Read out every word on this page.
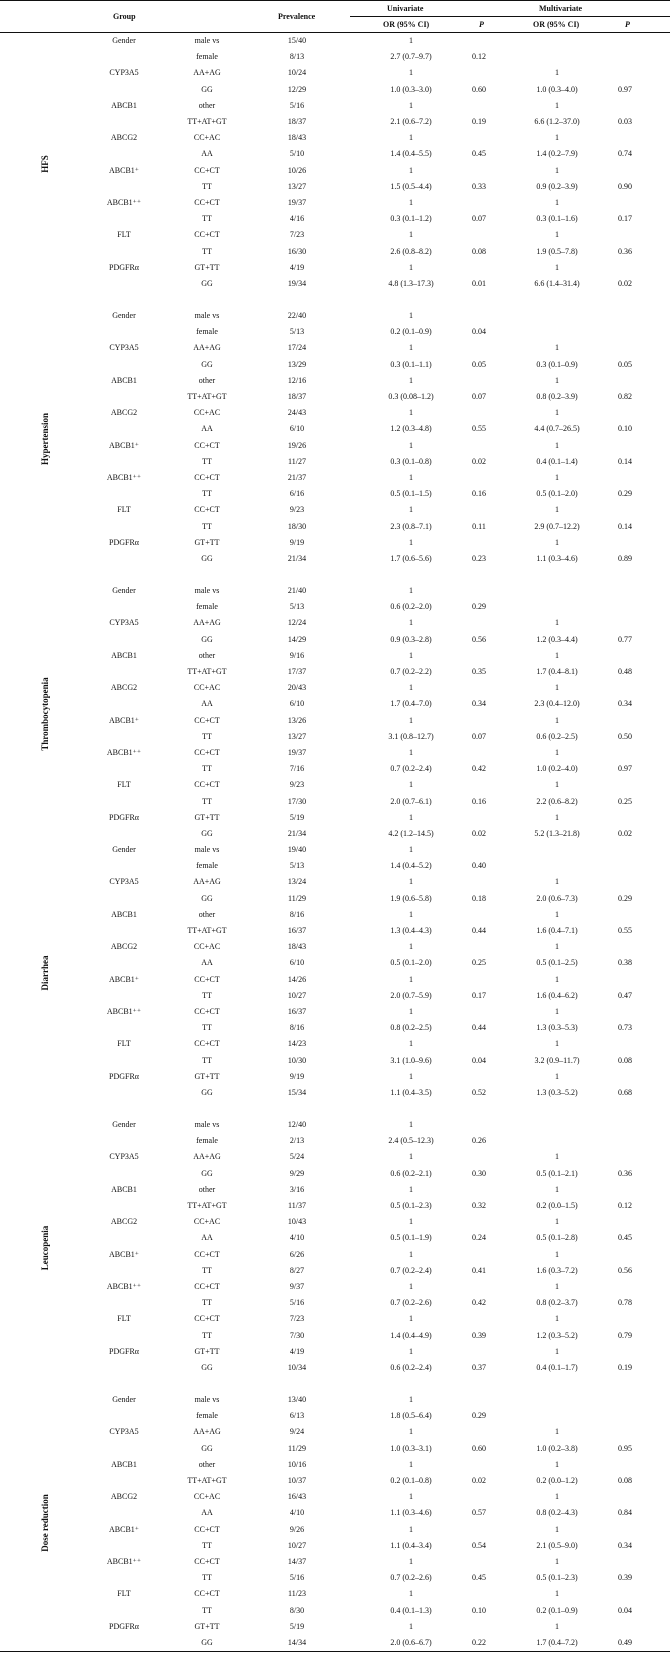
Group	Prevalence
Univariate	Multivariate
OR (95% CI)	P	OR (95% CI)	P
HFS
Gender	male vs	15/40	1
female	8/13	2.7 (0.7–9.7)	0.12
CYP3A5	AA+AG	10/24	1	1
GG	12/29	1.0 (0.3–3.0)	0.60	1.0 (0.3–4.0)	0.97
ABCB1	other	5/16	1	1
TT+AT+GT	18/37	2.1 (0.6–7.2)	0.19	6.6 (1.2–37.0)	0.03
ABCG2	CC+AC	18/43	1	1
AA	5/10	1.4 (0.4–5.5)	0.45	1.4 (0.2–7.9)	0.74
ABCB1⁺	CC+CT	10/26	1	1
TT	13/27	1.5 (0.5–4.4)	0.33	0.9 (0.2–3.9)	0.90
ABCB1⁺⁺	CC+CT	19/37	1	1
TT	4/16	0.3 (0.1–1.2)	0.07	0.3 (0.1–1.6)	0.17
FLT	CC+CT	7/23	1	1
TT	16/30	2.6 (0.8–8.2)	0.08	1.9 (0.5–7.8)	0.36
PDGFRα	GT+TT	4/19	1	1
GG	19/34	4.8 (1.3–17.3)	0.01	6.6 (1.4–31.4)	0.02
Hypertension
Gender	male vs	22/40	1
female	5/13	0.2 (0.1–0.9)	0.04
CYP3A5	AA+AG	17/24	1	1
GG	13/29	0.3 (0.1–1.1)	0.05	0.3 (0.1–0.9)	0.05
ABCB1	other	12/16	1	1
TT+AT+GT	18/37	0.3 (0.08–1.2)	0.07	0.8 (0.2–3.9)	0.82
ABCG2	CC+AC	24/43	1	1
AA	6/10	1.2 (0.3–4.8)	0.55	4.4 (0.7–26.5)	0.10
ABCB1⁺	CC+CT	19/26	1	1
TT	11/27	0.3 (0.1–0.8)	0.02	0.4 (0.1–1.4)	0.14
ABCB1⁺⁺	CC+CT	21/37	1	1
TT	6/16	0.5 (0.1–1.5)	0.16	0.5 (0.1–2.0)	0.29
FLT	CC+CT	9/23	1	1
TT	18/30	2.3 (0.8–7.1)	0.11	2.9 (0.7–12.2)	0.14
PDGFRα	GT+TT	9/19	1	1
GG	21/34	1.7 (0.6–5.6)	0.23	1.1 (0.3–4.6)	0.89
Thrombocytopenia
Gender	male vs	21/40	1
female	5/13	0.6 (0.2–2.0)	0.29
CYP3A5	AA+AG	12/24	1	1
GG	14/29	0.9 (0.3–2.8)	0.56	1.2 (0.3–4.4)	0.77
ABCB1	other	9/16	1	1
TT+AT+GT	17/37	0.7 (0.2–2.2)	0.35	1.7 (0.4–8.1)	0.48
ABCG2	CC+AC	20/43	1	1
AA	6/10	1.7 (0.4–7.0)	0.34	2.3 (0.4–12.0)	0.34
ABCB1⁺	CC+CT	13/26	1	1
TT	13/27	3.1 (0.8–12.7)	0.07	0.6 (0.2–2.5)	0.50
ABCB1⁺⁺	CC+CT	19/37	1	1
TT	7/16	0.7 (0.2–2.4)	0.42	1.0 (0.2–4.0)	0.97
FLT	CC+CT	9/23	1	1
TT	17/30	2.0 (0.7–6.1)	0.16	2.2 (0.6–8.2)	0.25
PDGFRα	GT+TT	5/19	1	1
GG	21/34	4.2 (1.2–14.5)	0.02	5.2 (1.3–21.8)	0.02
Diarrhea
Gender	male vs	19/40	1
female	5/13	1.4 (0.4–5.2)	0.40
CYP3A5	AA+AG	13/24	1	1
GG	11/29	1.9 (0.6–5.8)	0.18	2.0 (0.6–7.3)	0.29
ABCB1	other	8/16	1	1
TT+AT+GT	16/37	1.3 (0.4–4.3)	0.44	1.6 (0.4–7.1)	0.55
ABCG2	CC+AC	18/43	1	1
AA	6/10	0.5 (0.1–2.0)	0.25	0.5 (0.1–2.5)	0.38
ABCB1⁺	CC+CT	14/26	1	1
TT	10/27	2.0 (0.7–5.9)	0.17	1.6 (0.4–6.2)	0.47
ABCB1⁺⁺	CC+CT	16/37	1	1
TT	8/16	0.8 (0.2–2.5)	0.44	1.3 (0.3–5.3)	0.73
FLT	CC+CT	14/23	1	1
TT	10/30	3.1 (1.0–9.6)	0.04	3.2 (0.9–11.7)	0.08
PDGFRα	GT+TT	9/19	1	1
GG	15/34	1.1 (0.4–3.5)	0.52	1.3 (0.3–5.2)	0.68
Leucopenia
Gender	male vs	12/40	1
female	2/13	2.4 (0.5–12.3)	0.26
CYP3A5	AA+AG	5/24	1	1
GG	9/29	0.6 (0.2–2.1)	0.30	0.5 (0.1–2.1)	0.36
ABCB1	other	3/16	1	1
TT+AT+GT	11/37	0.5 (0.1–2.3)	0.32	0.2 (0.0–1.5)	0.12
ABCG2	CC+AC	10/43	1	1
AA	4/10	0.5 (0.1–1.9)	0.24	0.5 (0.1–2.8)	0.45
ABCB1⁺	CC+CT	6/26	1	1
TT	8/27	0.7 (0.2–2.4)	0.41	1.6 (0.3–7.2)	0.56
ABCB1⁺⁺	CC+CT	9/37	1	1
TT	5/16	0.7 (0.2–2.6)	0.42	0.8 (0.2–3.7)	0.78
FLT	CC+CT	7/23	1	1
TT	7/30	1.4 (0.4–4.9)	0.39	1.2 (0.3–5.2)	0.79
PDGFRα	GT+TT	4/19	1	1
GG	10/34	0.6 (0.2–2.4)	0.37	0.4 (0.1–1.7)	0.19
Dose reduction
Gender	male vs	13/40	1
female	6/13	1.8 (0.5–6.4)	0.29
CYP3A5	AA+AG	9/24	1	1
GG	11/29	1.0 (0.3–3.1)	0.60	1.0 (0.2–3.8)	0.95
ABCB1	other	10/16	1	1
TT+AT+GT	10/37	0.2 (0.1–0.8)	0.02	0.2 (0.0–1.2)	0.08
ABCG2	CC+AC	16/43	1	1
AA	4/10	1.1 (0.3–4.6)	0.57	0.8 (0.2–4.3)	0.84
ABCB1⁺	CC+CT	9/26	1	1
TT	10/27	1.1 (0.4–3.4)	0.54	2.1 (0.5–9.0)	0.34
ABCB1⁺⁺	CC+CT	14/37	1	1
TT	5/16	0.7 (0.2–2.6)	0.45	0.5 (0.1–2.3)	0.39
FLT	CC+CT	11/23	1	1
TT	8/30	0.4 (0.1–1.3)	0.10	0.2 (0.1–0.9)	0.04
PDGFRα	GT+TT	5/19	1	1
GG	14/34	2.0 (0.6–6.7)	0.22	1.7 (0.4–7.2)	0.49
